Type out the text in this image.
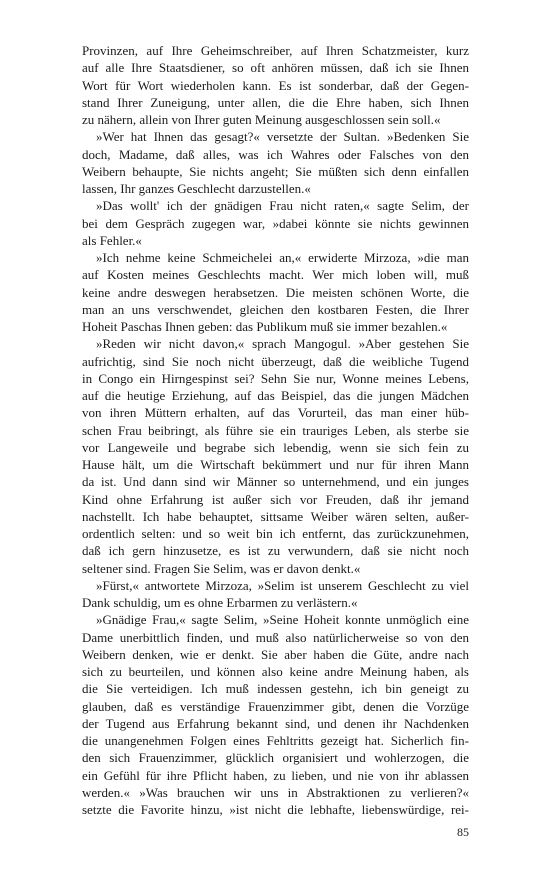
Provinzen, auf Ihre Geheimschreiber, auf Ihren Schatzmeister, kurz
auf alle Ihre Staatsdiener, so oft anhören müssen, daß ich sie Ihnen
Wort für Wort wiederholen kann. Es ist sonderbar, daß der Gegen-
stand Ihrer Zuneigung, unter allen, die die Ehre haben, sich Ihnen
zu nähern, allein von Ihrer guten Meinung ausgeschlossen sein soll.«
»Wer hat Ihnen das gesagt?« versetzte der Sultan. »Bedenken Sie
doch, Madame, daß alles, was ich Wahres oder Falsches von den
Weibern behaupte, Sie nichts angeht; Sie müßten sich denn einfallen
lassen, Ihr ganzes Geschlecht darzustellen.«
»Das wollt' ich der gnädigen Frau nicht raten,« sagte Selim, der
bei dem Gespräch zugegen war, »dabei könnte sie nichts gewinnen
als Fehler.«
»Ich nehme keine Schmeichelei an,« erwiderte Mirzoza, »die man
auf Kosten meines Geschlechts macht. Wer mich loben will, muß
keine andre deswegen herabsetzen. Die meisten schönen Worte, die
man an uns verschwendet, gleichen den kostbaren Festen, die Ihrer
Hoheit Paschas Ihnen geben: das Publikum muß sie immer bezahlen.«
»Reden wir nicht davon,« sprach Mangogul. »Aber gestehen Sie
aufrichtig, sind Sie noch nicht überzeugt, daß die weibliche Tugend
in Congo ein Hirngespinst sei? Sehn Sie nur, Wonne meines Lebens,
auf die heutige Erziehung, auf das Beispiel, das die jungen Mädchen
von ihren Müttern erhalten, auf das Vorurteil, das man einer hüb-
schen Frau beibringt, als führe sie ein trauriges Leben, als sterbe sie
vor Langeweile und begrabe sich lebendig, wenn sie sich fein zu
Hause hält, um die Wirtschaft bekümmert und nur für ihren Mann
da ist. Und dann sind wir Männer so unternehmend, und ein junges
Kind ohne Erfahrung ist außer sich vor Freuden, daß ihr jemand
nachstellt. Ich habe behauptet, sittsame Weiber wären selten, außer-
ordentlich selten: und so weit bin ich entfernt, das zurückzunehmen,
daß ich gern hinzusetze, es ist zu verwundern, daß sie nicht noch
seltener sind. Fragen Sie Selim, was er davon denkt.«
»Fürst,« antwortete Mirzoza, »Selim ist unserem Geschlecht zu viel
Dank schuldig, um es ohne Erbarmen zu verlästern.«
»Gnädige Frau,« sagte Selim, »Seine Hoheit konnte unmöglich eine
Dame unerbittlich finden, und muß also natürlicherweise so von den
Weibern denken, wie er denkt. Sie aber haben die Güte, andre nach
sich zu beurteilen, und können also keine andre Meinung haben, als
die Sie verteidigen. Ich muß indessen gestehn, ich bin geneigt zu
glauben, daß es verständige Frauenzimmer gibt, denen die Vorzüge
der Tugend aus Erfahrung bekannt sind, und denen ihr Nachdenken
die unangenehmen Folgen eines Fehltritts gezeigt hat. Sicherlich fin-
den sich Frauenzimmer, glücklich organisiert und wohlerzogen, die
ein Gefühl für ihre Pflicht haben, zu lieben, und nie von ihr ablassen
werden.« »Was brauchen wir uns in Abstraktionen zu verlieren?«
setzte die Favorite hinzu, »ist nicht die lebhafte, liebenswürdige, rei-
85
